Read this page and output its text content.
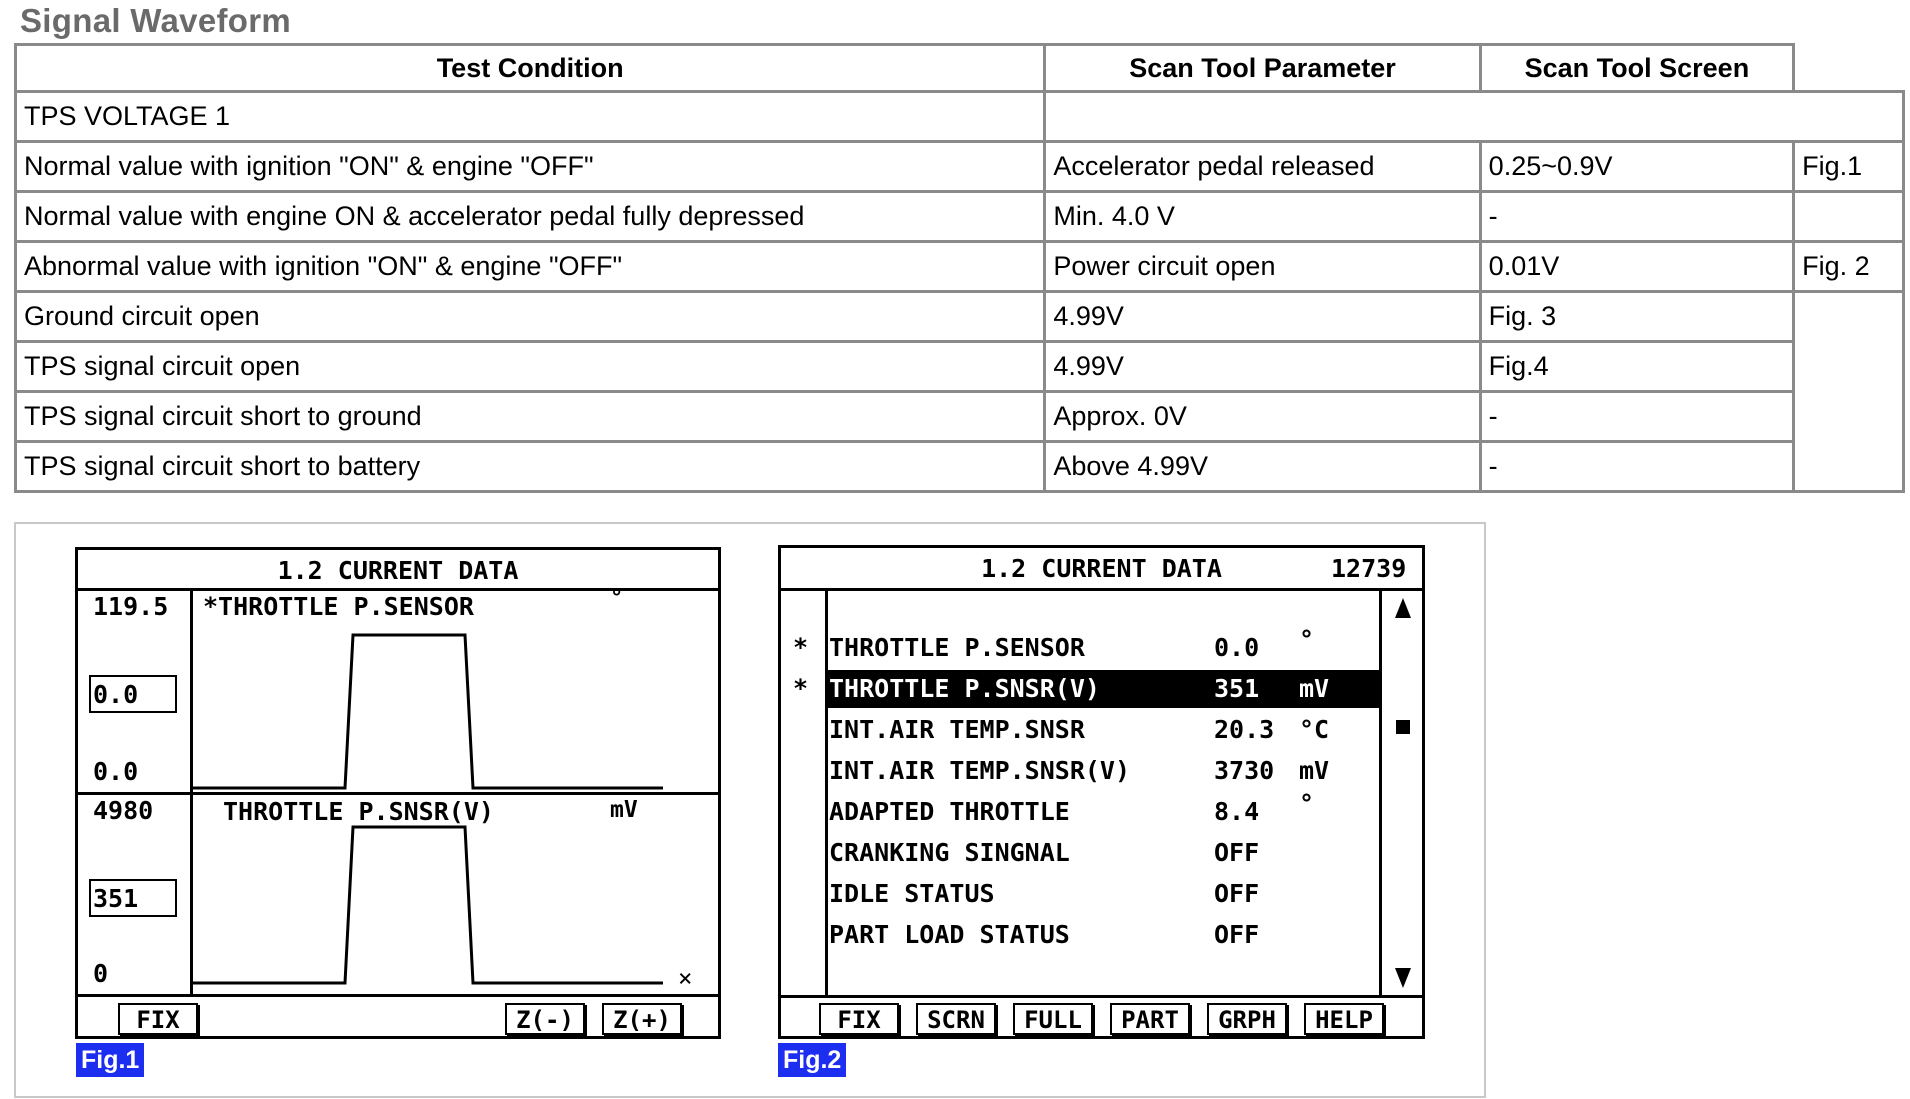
Signal Waveform
Test Condition	Scan Tool Parameter	Scan Tool Screen	
TPS VOLTAGE 1			
Normal value with ignition "ON" & engine "OFF"	Accelerator pedal released	0.25~0.9V	Fig.1
Normal value with engine ON & accelerator pedal fully depressed	Min. 4.0 V	-	
Abnormal value with ignition "ON" & engine "OFF"	Power circuit open	0.01V	Fig. 2
Ground circuit open	4.99V	Fig. 3	
TPS signal circuit open	4.99V	Fig.4	
TPS signal circuit short to ground	Approx. 0V	-	
TPS signal circuit short to battery	Above 4.99V	-	
1.2 CURRENT DATA
119.5
0.0
0.0
*THROTTLE P.SENSOR	°
4980
351
0
THROTTLE P.SNSR(V)	mV
×
FIX	Z(-)	Z(+)
Fig.1
1.2 CURRENT DATA	12739
* THROTTLE P.SENSOR	0.0 °
THROTTLE P.SNSR(V)	351 mV
*
INT.AIR TEMP.SNSR	20.3 °C
INT.AIR TEMP.SNSR(V)	3730 mV
ADAPTED THROTTLE	8.4 °
CRANKING SINGNAL	OFF
IDLE STATUS	OFF
PART LOAD STATUS	OFF
FIX	SCRN	FULL	PART	GRPH	HELP
Fig.2
